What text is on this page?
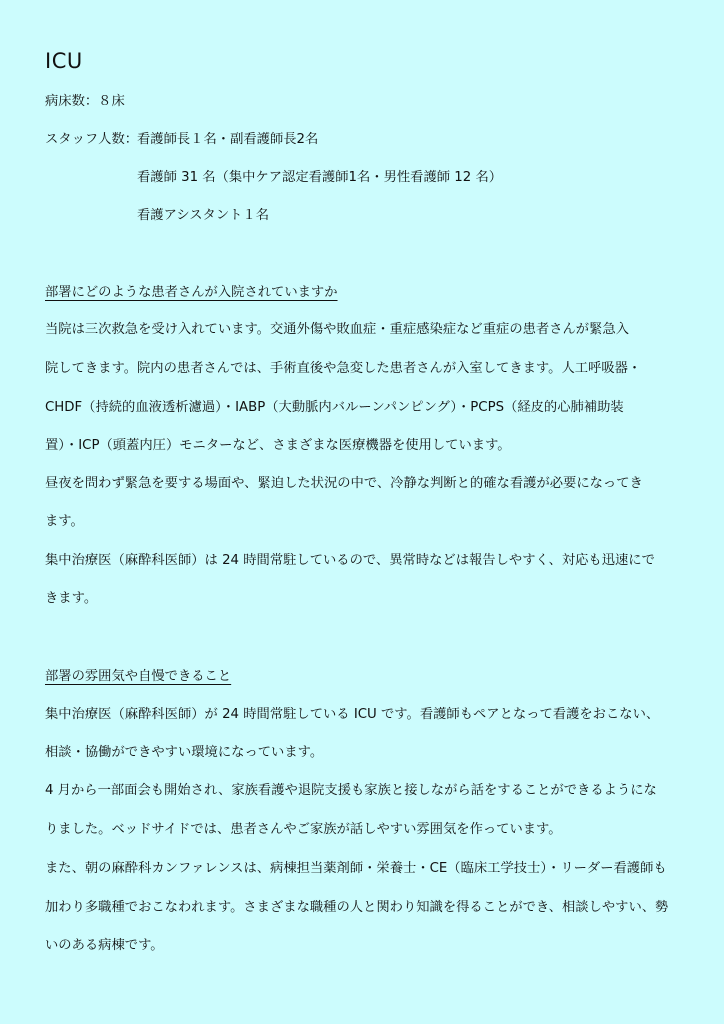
ICU
病床数：８床
スタッフ人数：
看護師長１名・副看護師長2名
看護師 31 名（集中ケア認定看護師1名・男性看護師 12 名）
看護アシスタント１名
部署にどのような患者さんが入院されていますか
当院は三次救急を受け入れています。交通外傷や敗血症・重症感染症など重症の患者さんが緊急入
院してきます。院内の患者さんでは、手術直後や急変した患者さんが入室してきます。人工呼吸器・
CHDF（持続的血液透析濾過）・IABP（大動脈内バルーンパンピング）・PCPS（経皮的心肺補助装
置）・ICP（頭蓋内圧）モニターなど、さまざまな医療機器を使用しています。
昼夜を問わず緊急を要する場面や、緊迫した状況の中で、冷静な判断と的確な看護が必要になってき
ます。
集中治療医（麻酔科医師）は 24 時間常駐しているので、異常時などは報告しやすく、対応も迅速にで
きます。
部署の雰囲気や自慢できること
集中治療医（麻酔科医師）が 24 時間常駐している ICU です。看護師もペアとなって看護をおこない、
相談・協働ができやすい環境になっています。
4 月から一部面会も開始され、家族看護や退院支援も家族と接しながら話をすることができるようにな
りました。ベッドサイドでは、患者さんやご家族が話しやすい雰囲気を作っています。
また、朝の麻酔科カンファレンスは、病棟担当薬剤師・栄養士・CE（臨床工学技士）・リーダー看護師も
加わり多職種でおこなわれます。さまざまな職種の人と関わり知識を得ることができ、相談しやすい、勢
いのある病棟です。
